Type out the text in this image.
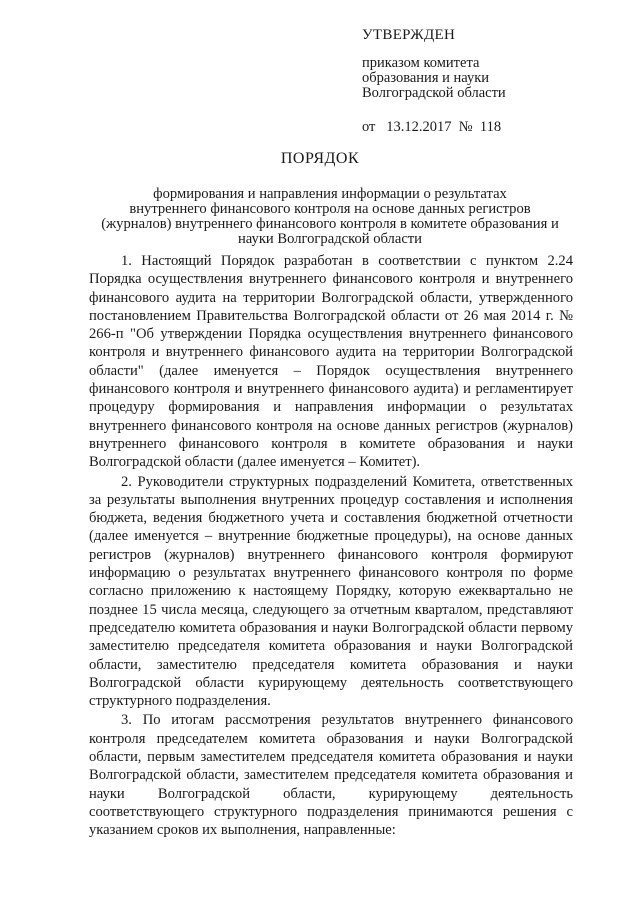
УТВЕРЖДЕН
приказом комитета
образования и науки
Волгоградской области
от 13.12.2017 № 118
ПОРЯДОК
формирования и направления информации о результатах
внутреннего финансового контроля на основе данных регистров
(журналов) внутреннего финансового контроля в комитете образования и
науки Волгоградской области

1. Настоящий Порядок разработан в соответствии с пунктом 2.24 Порядка осуществления внутреннего финансового контроля и внутреннего финансового аудита на территории Волгоградской области, утвержденного постановлением Правительства Волгоградской области от 26 мая 2014 г. № 266-п "Об утверждении Порядка осуществления внутреннего финансового контроля и внутреннего финансового аудита на территории Волгоградской области" (далее именуется – Порядок осуществления внутреннего финансового контроля и внутреннего финансового аудита) и регламентирует процедуру формирования и направления информации о результатах внутреннего финансового контроля на основе данных регистров (журналов) внутреннего финансового контроля в комитете образования и науки Волгоградской области (далее именуется – Комитет).

2. Руководители структурных подразделений Комитета, ответственных за результаты выполнения внутренних процедур составления и исполнения бюджета, ведения бюджетного учета и составления бюджетной отчетности (далее именуется – внутренние бюджетные процедуры), на основе данных регистров (журналов) внутреннего финансового контроля формируют информацию о результатах внутреннего финансового контроля по форме согласно приложению к настоящему Порядку, которую ежеквартально не позднее 15 числа месяца, следующего за отчетным кварталом, представляют председателю комитета образования и науки Волгоградской области первому заместителю председателя комитета образования и науки Волгоградской области, заместителю председателя комитета образования и науки Волгоградской области курирующему деятельность соответствующего структурного подразделения.

3. По итогам рассмотрения результатов внутреннего финансового контроля председателем комитета образования и науки Волгоградской области, первым заместителем председателя комитета образования и науки Волгоградской области, заместителем председателя комитета образования и науки Волгоградской области, курирующему деятельность соответствующего структурного подразделения принимаются решения с указанием сроков их выполнения, направленные:
